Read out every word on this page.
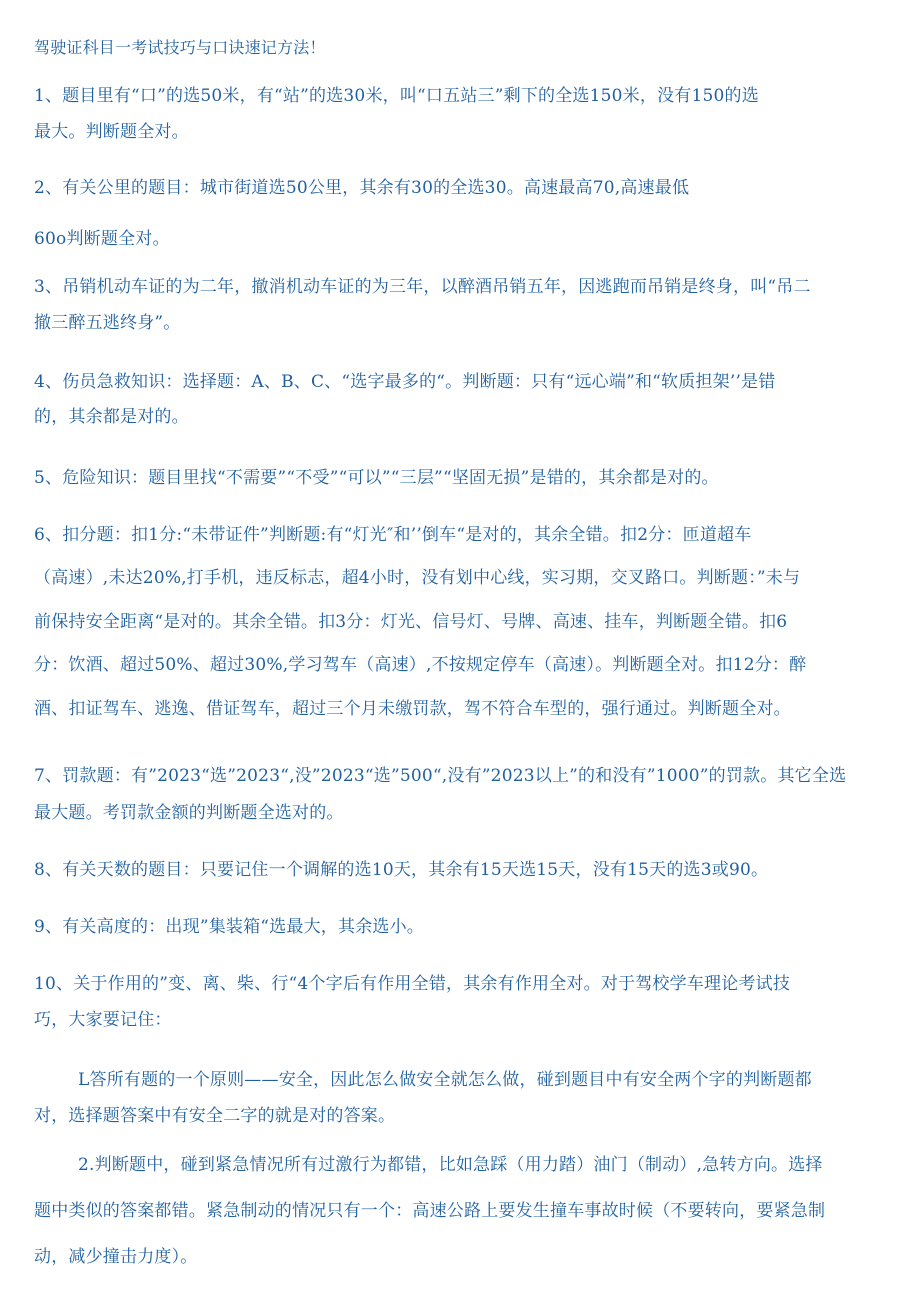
驾驶证科目一考试技巧与口诀速记方法！
1、题目里有“口”的选50米，有“站”的选30米，叫“口五站三”剩下的全选150米，没有150的选
最大。判断题全对。
2、有关公里的题目：城市街道选50公里，其余有30的全选30。高速最高70,高速最低
60o判断题全对。
3、吊销机动车证的为二年，撤消机动车证的为三年，以醉酒吊销五年，因逃跑而吊销是终身，叫“吊二
撤三醉五逃终身”。
4、伤员急救知识：选择题：A、B、C、“选字最多的“。判断题：只有“远心端”和“软质担架’’是错
的，其余都是对的。
5、危险知识：题目里找“不需要”“不受”“可以”“三层”“坚固无损”是错的，其余都是对的。
6、扣分题：扣1分:“未带证件”判断题:有“灯光″和’’倒车“是对的，其余全错。扣2分：匝道超车
（高速）,未达20%,打手机，违反标志，超4小时，没有划中心线，实习期，交叉路口。判断题：”未与
前保持安全距离“是对的。其余全错。扣3分：灯光、信号灯、号牌、高速、挂车，判断题全错。扣6
分：饮酒、超过50%、超过30%,学习驾车（高速）,不按规定停车（高速）。判断题全对。扣12分：醉
酒、扣证驾车、逃逸、借证驾车，超过三个月未缴罚款，驾不符合车型的，强行通过。判断题全对。
7、罚款题：有”2023“选”2023“,没”2023“选”500“,没有”2023以上”的和没有”1000”的罚款。其它全选
最大题。考罚款金额的判断题全选对的。
8、有关天数的题目：只要记住一个调解的选10天，其余有15天选15天，没有15天的选3或90。
9、有关高度的：出现”集装箱“选最大，其余选小。
10、关于作用的”变、离、柴、行“4个字后有作用全错，其余有作用全对。对于驾校学车理论考试技
巧，大家要记住：
L答所有题的一个原则——安全，因此怎么做安全就怎么做，碰到题目中有安全两个字的判断题都
对，选择题答案中有安全二字的就是对的答案。
2.判断题中，碰到紧急情况所有过激行为都错，比如急踩（用力踏）油门（制动）,急转方向。选择
题中类似的答案都错。紧急制动的情况只有一个：高速公路上要发生撞车事故时候（不要转向，要紧急制
动，减少撞击力度）。
